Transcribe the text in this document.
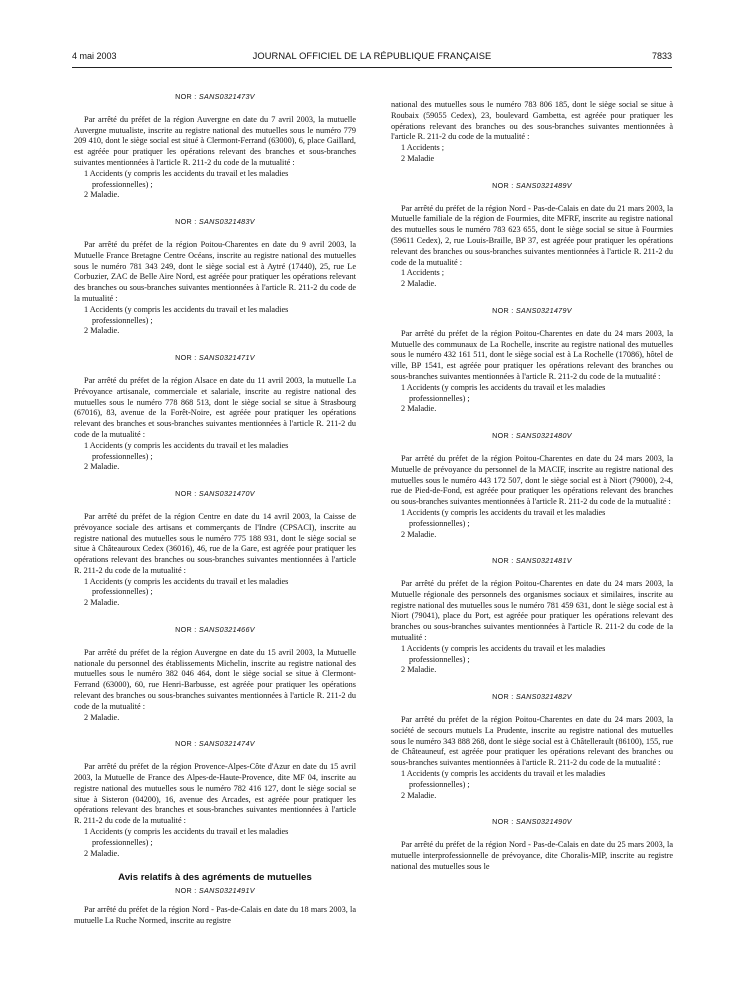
4 mai 2003	JOURNAL OFFICIEL DE LA RÉPUBLIQUE FRANÇAISE	7833

NOR : SANS0321473V

Par arrêté du préfet de la région Auvergne en date du 7 avril 2003, la mutuelle Auvergne mutualiste, inscrite au registre national des mutuelles sous le numéro 779 209 410, dont le siège social est situé à Clermont-Ferrand (63000), 6, place Gaillard, est agréée pour pratiquer les opérations relevant des branches et sous-branches suivantes mentionnées à l'article R. 211-2 du code de la mutualité :

1 Accidents (y compris les accidents du travail et les maladies
professionnelles) ;
2 Maladie.

NOR : SANS0321483V

Par arrêté du préfet de la région Poitou-Charentes en date du 9 avril 2003, la Mutuelle France Bretagne Centre Océans, inscrite au registre national des mutuelles sous le numéro 781 343 249, dont le siège social est à Aytré (17440), 25, rue Le Corbuzier, ZAC de Belle Aire Nord, est agréée pour pratiquer les opérations relevant des branches ou sous-branches suivantes mentionnées à l'article R. 211-2 du code de la mutualité :

1 Accidents (y compris les accidents du travail et les maladies
professionnelles) ;
2 Maladie.

NOR : SANS0321471V

Par arrêté du préfet de la région Alsace en date du 11 avril 2003, la mutuelle La Prévoyance artisanale, commerciale et salariale, inscrite au registre national des mutuelles sous le numéro 778 868 513, dont le siège social se situe à Strasbourg (67016), 83, avenue de la Forêt-Noire, est agréée pour pratiquer les opérations relevant des branches et sous-branches suivantes mentionnées à l'article R. 211-2 du code de la mutualité :

1 Accidents (y compris les accidents du travail et les maladies
professionnelles) ;
2 Maladie.

NOR : SANS0321470V

Par arrêté du préfet de la région Centre en date du 14 avril 2003, la Caisse de prévoyance sociale des artisans et commerçants de l'Indre (CPSACI), inscrite au registre national des mutuelles sous le numéro 775 188 931, dont le siège social se situe à Châteauroux Cedex (36016), 46, rue de la Gare, est agréée pour pratiquer les opérations relevant des branches ou sous-branches suivantes mentionnées à l'article R. 211-2 du code de la mutualité :

1 Accidents (y compris les accidents du travail et les maladies
professionnelles) ;
2 Maladie.

NOR : SANS0321466V

Par arrêté du préfet de la région Auvergne en date du 15 avril 2003, la Mutuelle nationale du personnel des établissements Michelin, inscrite au registre national des mutuelles sous le numéro 382 046 464, dont le siège social se situe à Clermont-Ferrand (63000), 60, rue Henri-Barbusse, est agréée pour pratiquer les opérations relevant des branches ou sous-branches suivantes mentionnées à l'article R. 211-2 du code de la mutualité :

2 Maladie.

NOR : SANS0321474V

Par arrêté du préfet de la région Provence-Alpes-Côte d'Azur en date du 15 avril 2003, la Mutuelle de France des Alpes-de-Haute-Provence, dite MF 04, inscrite au registre national des mutuelles sous le numéro 782 416 127, dont le siège social se situe à Sisteron (04200), 16, avenue des Arcades, est agréée pour pratiquer les opérations relevant des branches et sous-branches suivantes mentionnées à l'article R. 211-2 du code de la mutualité :

1 Accidents (y compris les accidents du travail et les maladies
professionnelles) ;
2 Maladie.

Avis relatifs à des agréments de mutuelles

NOR : SANS0321491V

Par arrêté du préfet de la région Nord - Pas-de-Calais en date du 18 mars 2003, la mutuelle La Ruche Normed, inscrite au registre

national des mutuelles sous le numéro 783 806 185, dont le siège social se situe à Roubaix (59055 Cedex), 23, boulevard Gambetta, est agréée pour pratiquer les opérations relevant des branches ou des sous-branches suivantes mentionnées à l'article R. 211-2 du code de la mutualité :

1 Accidents ;
2 Maladie

NOR : SANS0321489V

Par arrêté du préfet de la région Nord - Pas-de-Calais en date du 21 mars 2003, la Mutuelle familiale de la région de Fourmies, dite MFRF, inscrite au registre national des mutuelles sous le numéro 783 623 655, dont le siège social se situe à Fourmies (59611 Cedex), 2, rue Louis-Braille, BP 37, est agréée pour pratiquer les opérations relevant des branches ou sous-branches suivantes mentionnées à l'article R. 211-2 du code de la mutualité :

1 Accidents ;
2 Maladie.

NOR : SANS0321479V

Par arrêté du préfet de la région Poitou-Charentes en date du 24 mars 2003, la Mutuelle des communaux de La Rochelle, inscrite au registre national des mutuelles sous le numéro 432 161 511, dont le siège social est à La Rochelle (17086), hôtel de ville, BP 1541, est agréée pour pratiquer les opérations relevant des branches ou sous-branches suivantes mentionnées à l'article R. 211-2 du code de la mutualité :

1 Accidents (y compris les accidents du travail et les maladies
professionnelles) ;
2 Maladie.

NOR : SANS0321480V

Par arrêté du préfet de la région Poitou-Charentes en date du 24 mars 2003, la Mutuelle de prévoyance du personnel de la MACIF, inscrite au registre national des mutuelles sous le numéro 443 172 507, dont le siège social est à Niort (79000), 2-4, rue de Pied-de-Fond, est agréée pour pratiquer les opérations relevant des branches ou sous-branches suivantes mentionnées à l'article R. 211-2 du code de la mutualité :

1 Accidents (y compris les accidents du travail et les maladies
professionnelles) ;
2 Maladie.

NOR : SANS0321481V

Par arrêté du préfet de la région Poitou-Charentes en date du 24 mars 2003, la Mutuelle régionale des personnels des organismes sociaux et similaires, inscrite au registre national des mutuelles sous le numéro 781 459 631, dont le siège social est à Niort (79041), place du Port, est agréée pour pratiquer les opérations relevant des branches ou sous-branches suivantes mentionnées à l'article R. 211-2 du code de la mutualité :

1 Accidents (y compris les accidents du travail et les maladies
professionnelles) ;
2 Maladie.

NOR : SANS0321482V

Par arrêté du préfet de la région Poitou-Charentes en date du 24 mars 2003, la société de secours mutuels La Prudente, inscrite au registre national des mutuelles sous le numéro 343 888 268, dont le siège social est à Châtellerault (86100), 155, rue de Châteauneuf, est agréée pour pratiquer les opérations relevant des branches ou sous-branches suivantes mentionnées à l'article R. 211-2 du code de la mutualité :

1 Accidents (y compris les accidents du travail et les maladies
professionnelles) ;
2 Maladie.

NOR : SANS0321490V

Par arrêté du préfet de la région Nord - Pas-de-Calais en date du 25 mars 2003, la mutuelle interprofessionnelle de prévoyance, dite Choralis-MIP, inscrite au registre national des mutuelles sous le
